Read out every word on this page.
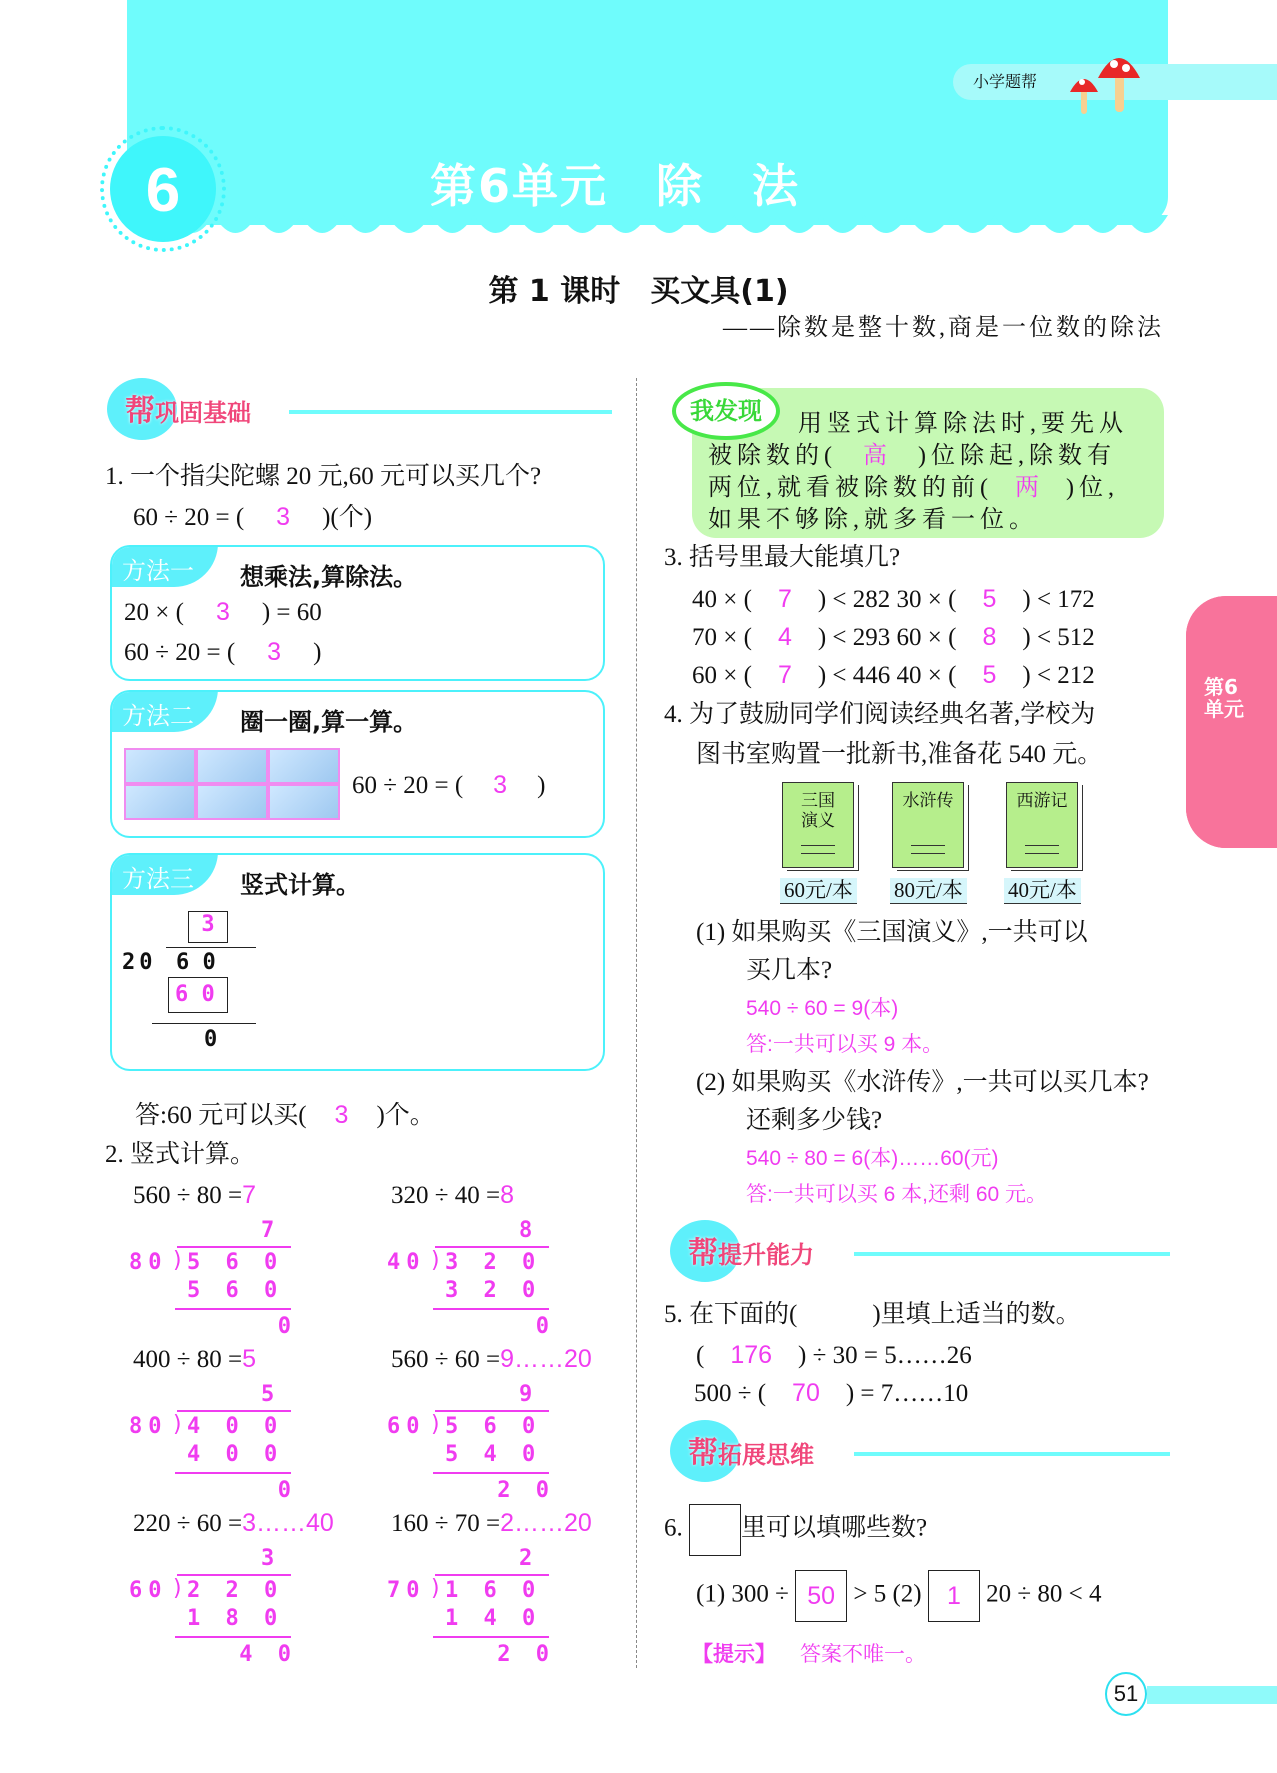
6	第6单元　除　法
小学题帮
第 1 课时　买文具(1)
——除数是整十数,商是一位数的除法
第6单元
帮巩固基础
1. 一个指尖陀螺 20 元,60 元可以买几个?
60 ÷ 20 = ( 3 )(个)
方法一	想乘法,算除法。
20 × ( 3 ) = 60
60 ÷ 20 = ( 3 )
方法二	圈一圈,算一算。
60 ÷ 20 = ( 3 )
方法三	竖式计算。
3
20 6 0
6 0
0
答:60 元可以买( 3 )个。
2. 竖式计算。
560 ÷ 80 =7
7
80 ) 5 6 0
5 6 0
0
320 ÷ 40 =8
8
40 ) 3 2 0
3 2 0
0
400 ÷ 80 =5
5
80 ) 4 0 0
4 0 0
0
560 ÷ 60 =9……20
9
60 ) 5 6 0
5 4 0
2 0
220 ÷ 60 =3……40
3
60 ) 2 2 0
1 8 0
4 0
160 ÷ 70 =2……20
2
70 ) 1 6 0
1 4 0
2 0
我发现	用竖式计算除法时,要先从
被除数的( 高 )位除起,除数有
两位,就看被除数的前( 两 )位,
如果不够除,就多看一位。
3. 括号里最大能填几?
40 × ( 7 ) < 282 30 × ( 5 ) < 172
70 × ( 4 ) < 293 60 × ( 8 ) < 512
60 × ( 7 ) < 446 40 × ( 5 ) < 212
4. 为了鼓励同学们阅读经典名著,学校为
图书室购置一批新书,准备花 540 元。
三国
演义
60元/本
水浒传
80元/本
西游记
40元/本
(1) 如果购买《三国演义》,一共可以
买几本?
540 ÷ 60 = 9(本)
答:一共可以买 9 本。
(2) 如果购买《水浒传》,一共可以买几本?
还剩多少钱?
540 ÷ 80 = 6(本)……60(元)
答:一共可以买 6 本,还剩 60 元。
帮提升能力
5. 在下面的(　　　)里填上适当的数。
( 176 ) ÷ 30 = 5……26
500 ÷ ( 70 ) = 7……10
帮拓展思维
6. 里可以填哪些数?
(1) 300 ÷ 50 > 5 (2) 1 20 ÷ 80 < 4
【提示】 答案不唯一。
51
